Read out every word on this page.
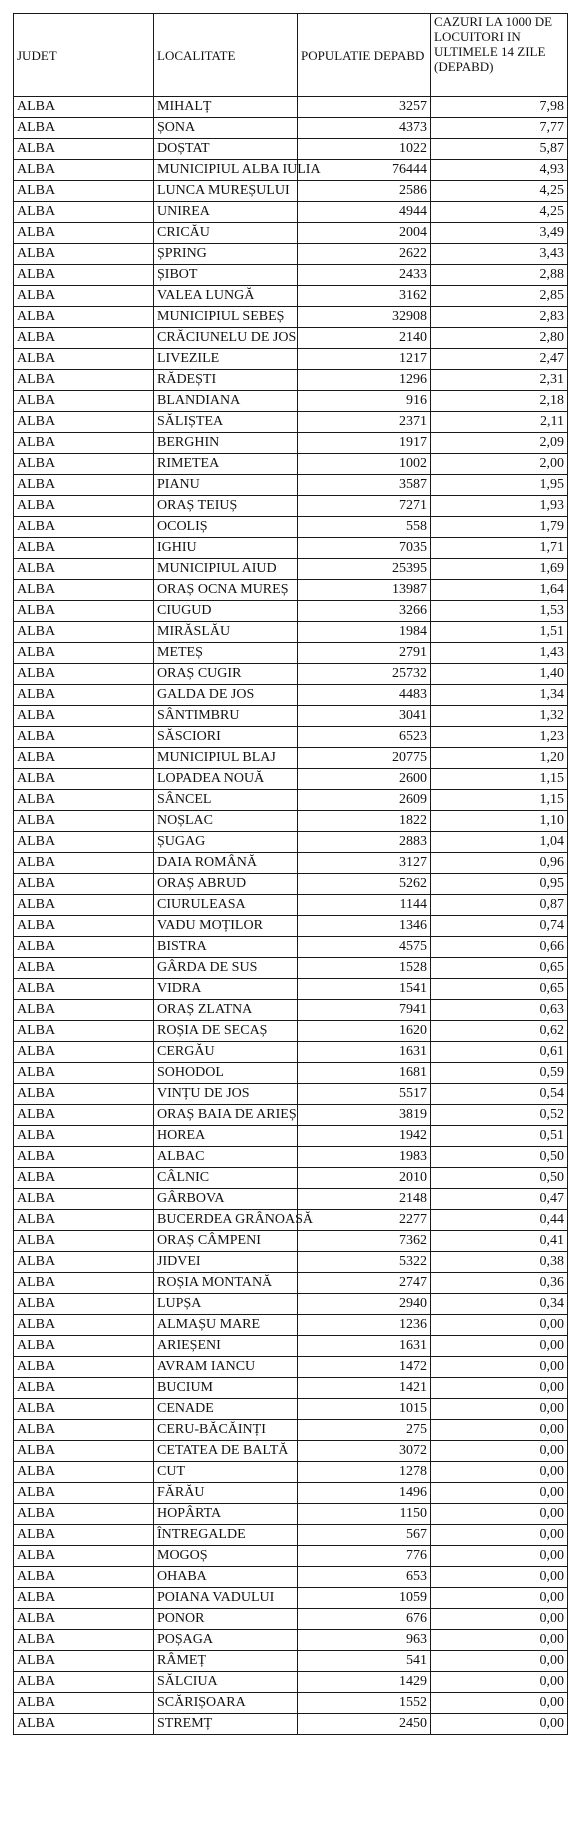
JUDET	LOCALITATE	POPULATIE DEPABD	CAZURI LA 1000 DE LOCUITORI IN ULTIMELE 14 ZILE (DEPABD)
ALBA	MIHALȚ	3257	7,98
ALBA	ȘONA	4373	7,77
ALBA	DOȘTAT	1022	5,87
ALBA	MUNICIPIUL ALBA IULIA	76444	4,93
ALBA	LUNCA MUREȘULUI	2586	4,25
ALBA	UNIREA	4944	4,25
ALBA	CRICĂU	2004	3,49
ALBA	ȘPRING	2622	3,43
ALBA	ȘIBOT	2433	2,88
ALBA	VALEA LUNGĂ	3162	2,85
ALBA	MUNICIPIUL SEBEȘ	32908	2,83
ALBA	CRĂCIUNELU DE JOS	2140	2,80
ALBA	LIVEZILE	1217	2,47
ALBA	RĂDEȘTI	1296	2,31
ALBA	BLANDIANA	916	2,18
ALBA	SĂLIȘTEA	2371	2,11
ALBA	BERGHIN	1917	2,09
ALBA	RIMETEA	1002	2,00
ALBA	PIANU	3587	1,95
ALBA	ORAȘ TEIUȘ	7271	1,93
ALBA	OCOLIȘ	558	1,79
ALBA	IGHIU	7035	1,71
ALBA	MUNICIPIUL AIUD	25395	1,69
ALBA	ORAȘ OCNA MUREȘ	13987	1,64
ALBA	CIUGUD	3266	1,53
ALBA	MIRĂSLĂU	1984	1,51
ALBA	METEȘ	2791	1,43
ALBA	ORAȘ CUGIR	25732	1,40
ALBA	GALDA DE JOS	4483	1,34
ALBA	SÂNTIMBRU	3041	1,32
ALBA	SĂSCIORI	6523	1,23
ALBA	MUNICIPIUL BLAJ	20775	1,20
ALBA	LOPADEA NOUĂ	2600	1,15
ALBA	SÂNCEL	2609	1,15
ALBA	NOȘLAC	1822	1,10
ALBA	ȘUGAG	2883	1,04
ALBA	DAIA ROMÂNĂ	3127	0,96
ALBA	ORAȘ ABRUD	5262	0,95
ALBA	CIURULEASA	1144	0,87
ALBA	VADU MOȚILOR	1346	0,74
ALBA	BISTRA	4575	0,66
ALBA	GÂRDA DE SUS	1528	0,65
ALBA	VIDRA	1541	0,65
ALBA	ORAȘ ZLATNA	7941	0,63
ALBA	ROȘIA DE SECAȘ	1620	0,62
ALBA	CERGĂU	1631	0,61
ALBA	SOHODOL	1681	0,59
ALBA	VINȚU DE JOS	5517	0,54
ALBA	ORAȘ BAIA DE ARIEȘ	3819	0,52
ALBA	HOREA	1942	0,51
ALBA	ALBAC	1983	0,50
ALBA	CÂLNIC	2010	0,50
ALBA	GÂRBOVA	2148	0,47
ALBA	BUCERDEA GRÂNOASĂ	2277	0,44
ALBA	ORAȘ CÂMPENI	7362	0,41
ALBA	JIDVEI	5322	0,38
ALBA	ROȘIA MONTANĂ	2747	0,36
ALBA	LUPȘA	2940	0,34
ALBA	ALMAȘU MARE	1236	0,00
ALBA	ARIEȘENI	1631	0,00
ALBA	AVRAM IANCU	1472	0,00
ALBA	BUCIUM	1421	0,00
ALBA	CENADE	1015	0,00
ALBA	CERU-BĂCĂINȚI	275	0,00
ALBA	CETATEA DE BALTĂ	3072	0,00
ALBA	CUT	1278	0,00
ALBA	FĂRĂU	1496	0,00
ALBA	HOPÂRTA	1150	0,00
ALBA	ÎNTREGALDE	567	0,00
ALBA	MOGOȘ	776	0,00
ALBA	OHABA	653	0,00
ALBA	POIANA VADULUI	1059	0,00
ALBA	PONOR	676	0,00
ALBA	POȘAGA	963	0,00
ALBA	RÂMEȚ	541	0,00
ALBA	SĂLCIUA	1429	0,00
ALBA	SCĂRIȘOARA	1552	0,00
ALBA	STREMȚ	2450	0,00
